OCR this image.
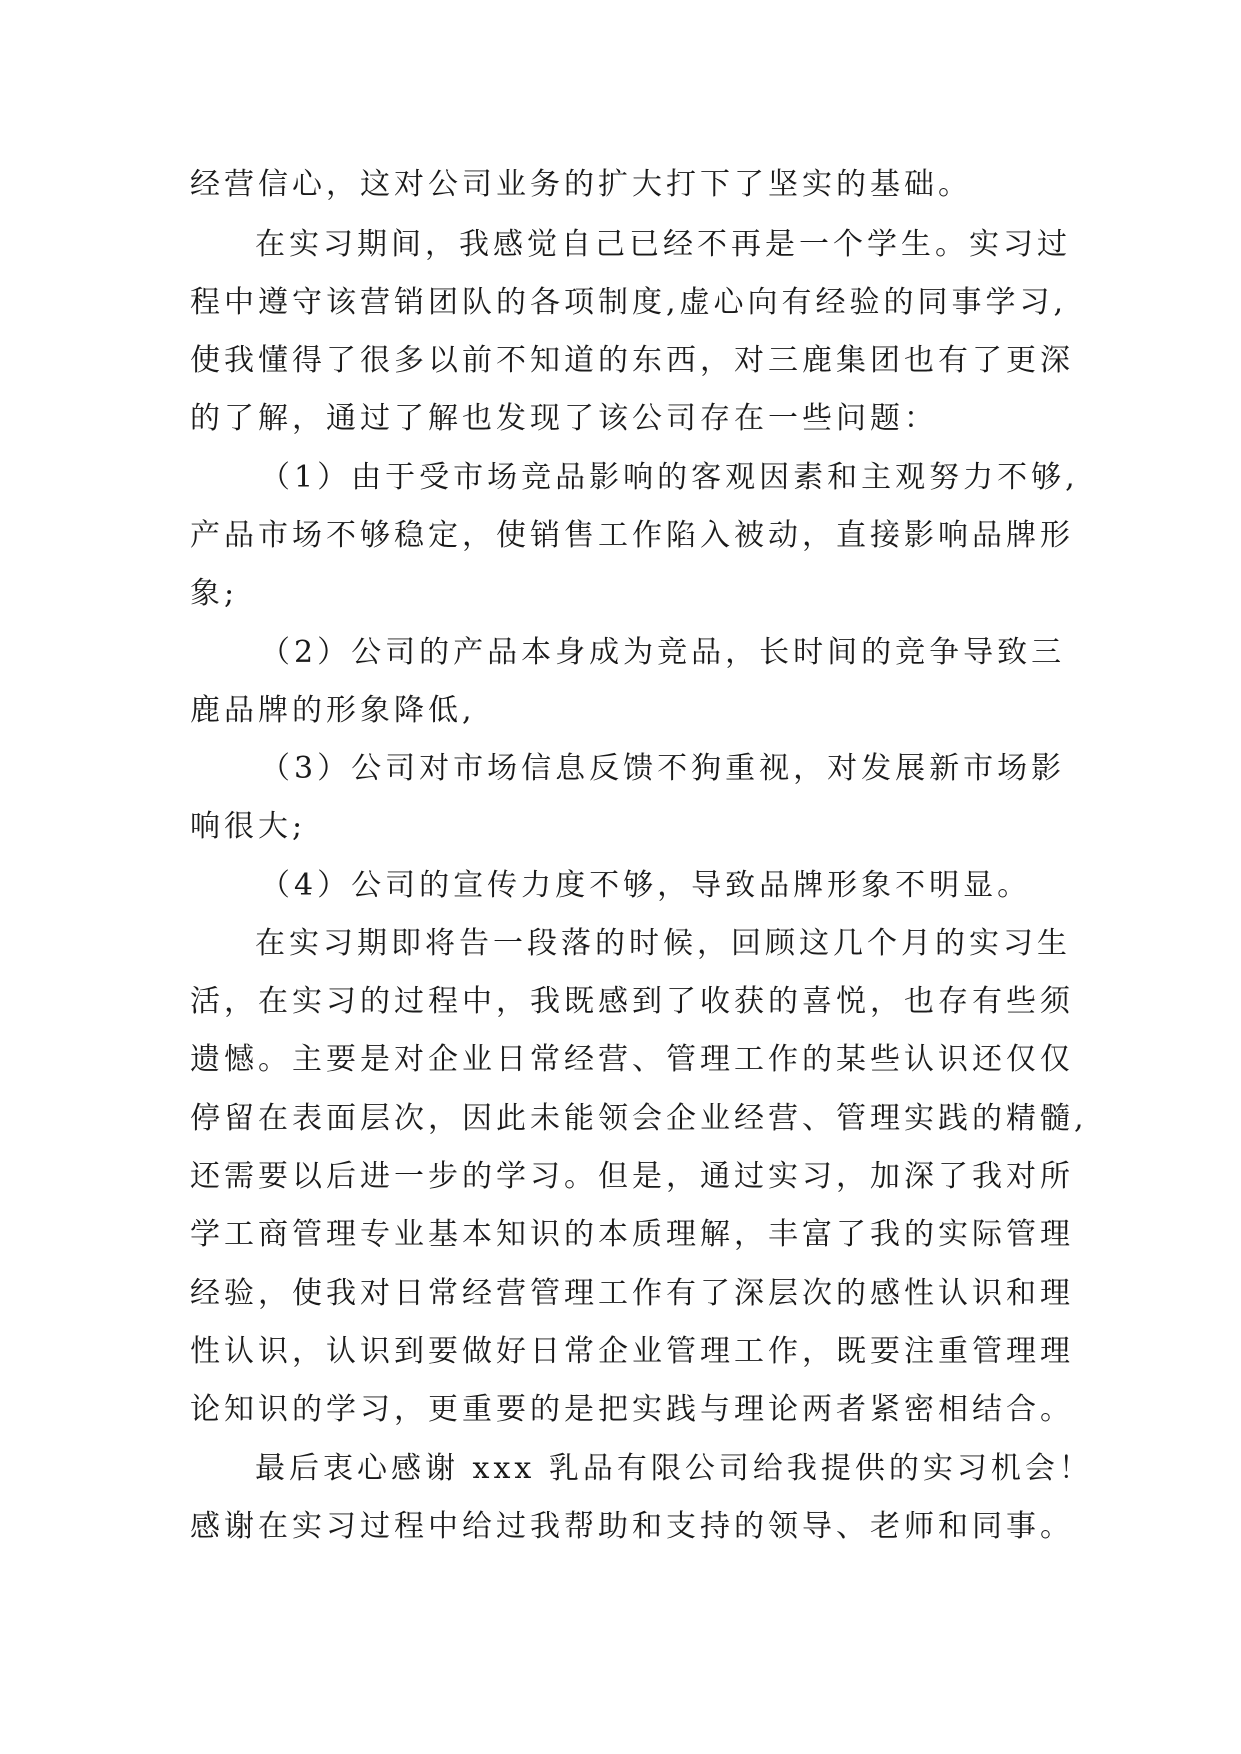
经营信心，这对公司业务的扩大打下了坚实的基础。
在实习期间，我感觉自己已经不再是一个学生。实习过
程中遵守该营销团队的各项制度,虚心向有经验的同事学习,
使我懂得了很多以前不知道的东西，对三鹿集团也有了更深
的了解，通过了解也发现了该公司存在一些问题：
（1）由于受市场竞品影响的客观因素和主观努力不够,
产品市场不够稳定，使销售工作陷入被动，直接影响品牌形
象;
（2）公司的产品本身成为竞品，长时间的竞争导致三
鹿品牌的形象降低,
（3）公司对市场信息反馈不狗重视，对发展新市场影
响很大;
（4）公司的宣传力度不够，导致品牌形象不明显。
在实习期即将告一段落的时候，回顾这几个月的实习生
活，在实习的过程中，我既感到了收获的喜悦，也存有些须
遗憾。主要是对企业日常经营、管理工作的某些认识还仅仅
停留在表面层次，因此未能领会企业经营、管理实践的精髓,
还需要以后进一步的学习。但是，通过实习，加深了我对所
学工商管理专业基本知识的本质理解，丰富了我的实际管理
经验，使我对日常经营管理工作有了深层次的感性认识和理
性认识，认识到要做好日常企业管理工作，既要注重管理理
论知识的学习，更重要的是把实践与理论两者紧密相结合。
最后衷心感谢 xxx 乳品有限公司给我提供的实习机会！
感谢在实习过程中给过我帮助和支持的领导、老师和同事。
